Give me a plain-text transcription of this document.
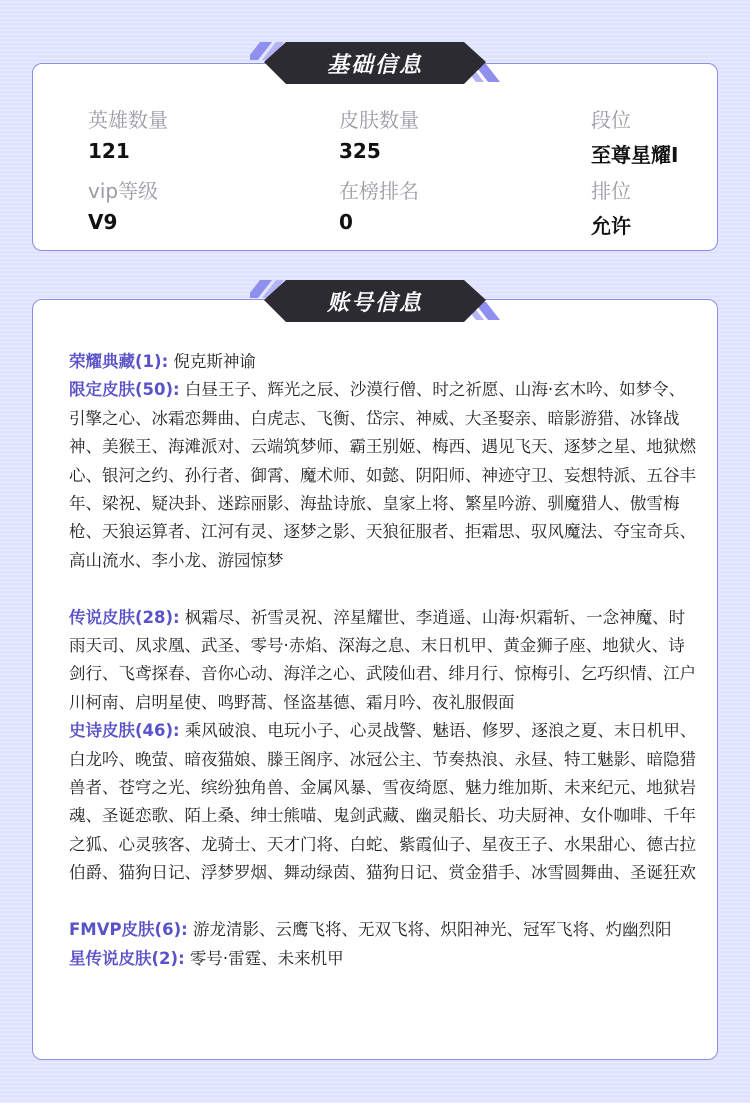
英雄数量
121
皮肤数量
325
段位
至尊星耀I
vip等级
V9
在榜排名
0
排位
允许
荣耀典藏(1): 倪克斯神谕
限定皮肤(50): 白昼王子、辉光之辰、沙漠行僧、时之祈愿、山海·玄木吟、如梦令、引擎之心、冰霜恋舞曲、白虎志、飞衡、岱宗、神威、大圣娶亲、暗影游猎、冰锋战神、美猴王、海滩派对、云端筑梦师、霸王别姬、梅西、遇见飞天、逐梦之星、地狱燃心、银河之约、孙行者、御霄、魔术师、如懿、阴阳师、神迹守卫、妄想特派、五谷丰年、梁祝、疑决卦、迷踪丽影、海盐诗旅、皇家上将、繁星吟游、驯魔猎人、傲雪梅枪、天狼运算者、江河有灵、逐梦之影、天狼征服者、拒霜思、驭风魔法、夺宝奇兵、高山流水、李小龙、游园惊梦
传说皮肤(28): 枫霜尽、祈雪灵祝、淬星耀世、李逍遥、山海·炽霜斩、一念神魔、时雨天司、凤求凰、武圣、零号·赤焰、深海之息、末日机甲、黄金狮子座、地狱火、诗剑行、飞鸢探春、音你心动、海洋之心、武陵仙君、绯月行、惊梅引、乞巧织情、江户川柯南、启明星使、鸣野蒿、怪盗基德、霜月吟、夜礼服假面
史诗皮肤(46): 乘风破浪、电玩小子、心灵战警、魅语、修罗、逐浪之夏、末日机甲、白龙吟、晚萤、暗夜猫娘、滕王阁序、冰冠公主、节奏热浪、永昼、特工魅影、暗隐猎兽者、苍穹之光、缤纷独角兽、金属风暴、雪夜绮愿、魅力维加斯、未来纪元、地狱岩魂、圣诞恋歌、陌上桑、绅士熊喵、鬼剑武藏、幽灵船长、功夫厨神、女仆咖啡、千年之狐、心灵骇客、龙骑士、天才门将、白蛇、紫霞仙子、星夜王子、水果甜心、德古拉伯爵、猫狗日记、浮梦罗烟、舞动绿茵、猫狗日记、赏金猎手、冰雪圆舞曲、圣诞狂欢
FMVP皮肤(6): 游龙清影、云鹰飞将、无双飞将、炽阳神光、冠军飞将、灼幽烈阳
星传说皮肤(2): 零号·雷霆、未来机甲
基础信息
账号信息
